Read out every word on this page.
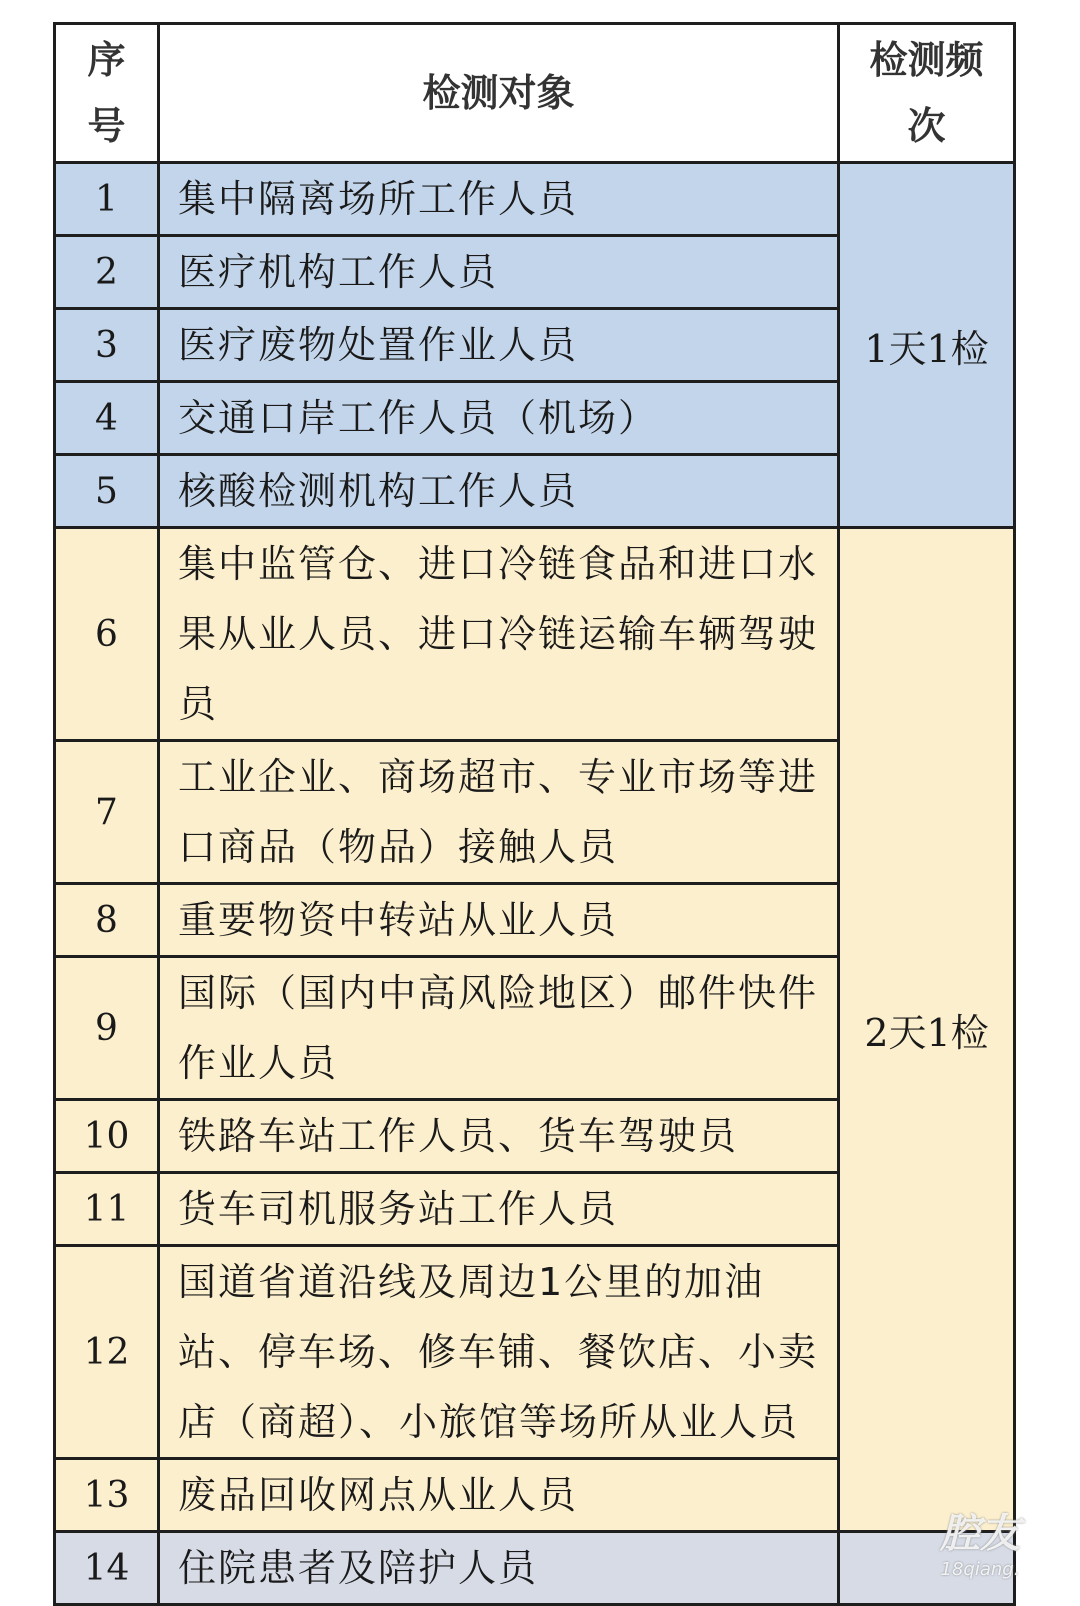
序号	检测对象	检测频次

1	集中隔离场所工作人员	1天1检
2	医疗机构工作人员	
3	医疗废物处置作业人员	
4	交通口岸工作人员（机场）	
5	核酸检测机构工作人员	
6	集中监管仓、进口冷链食品和进口水果从业人员、进口冷链运输车辆驾驶员	2天1检
7	工业企业、商场超市、专业市场等进口商品（物品）接触人员	
8	重要物资中转站从业人员	
9	国际（国内中高风险地区）邮件快件作业人员	
10	铁路车站工作人员、货车驾驶员	
11	货车司机服务站工作人员	
12	国道省道沿线及周边1公里的加油站、停车场、修车铺、餐饮店、小卖店（商超）、小旅馆等场所从业人员	
13	废品回收网点从业人员	
14	住院患者及陪护人员	
腔友
18qiang.
